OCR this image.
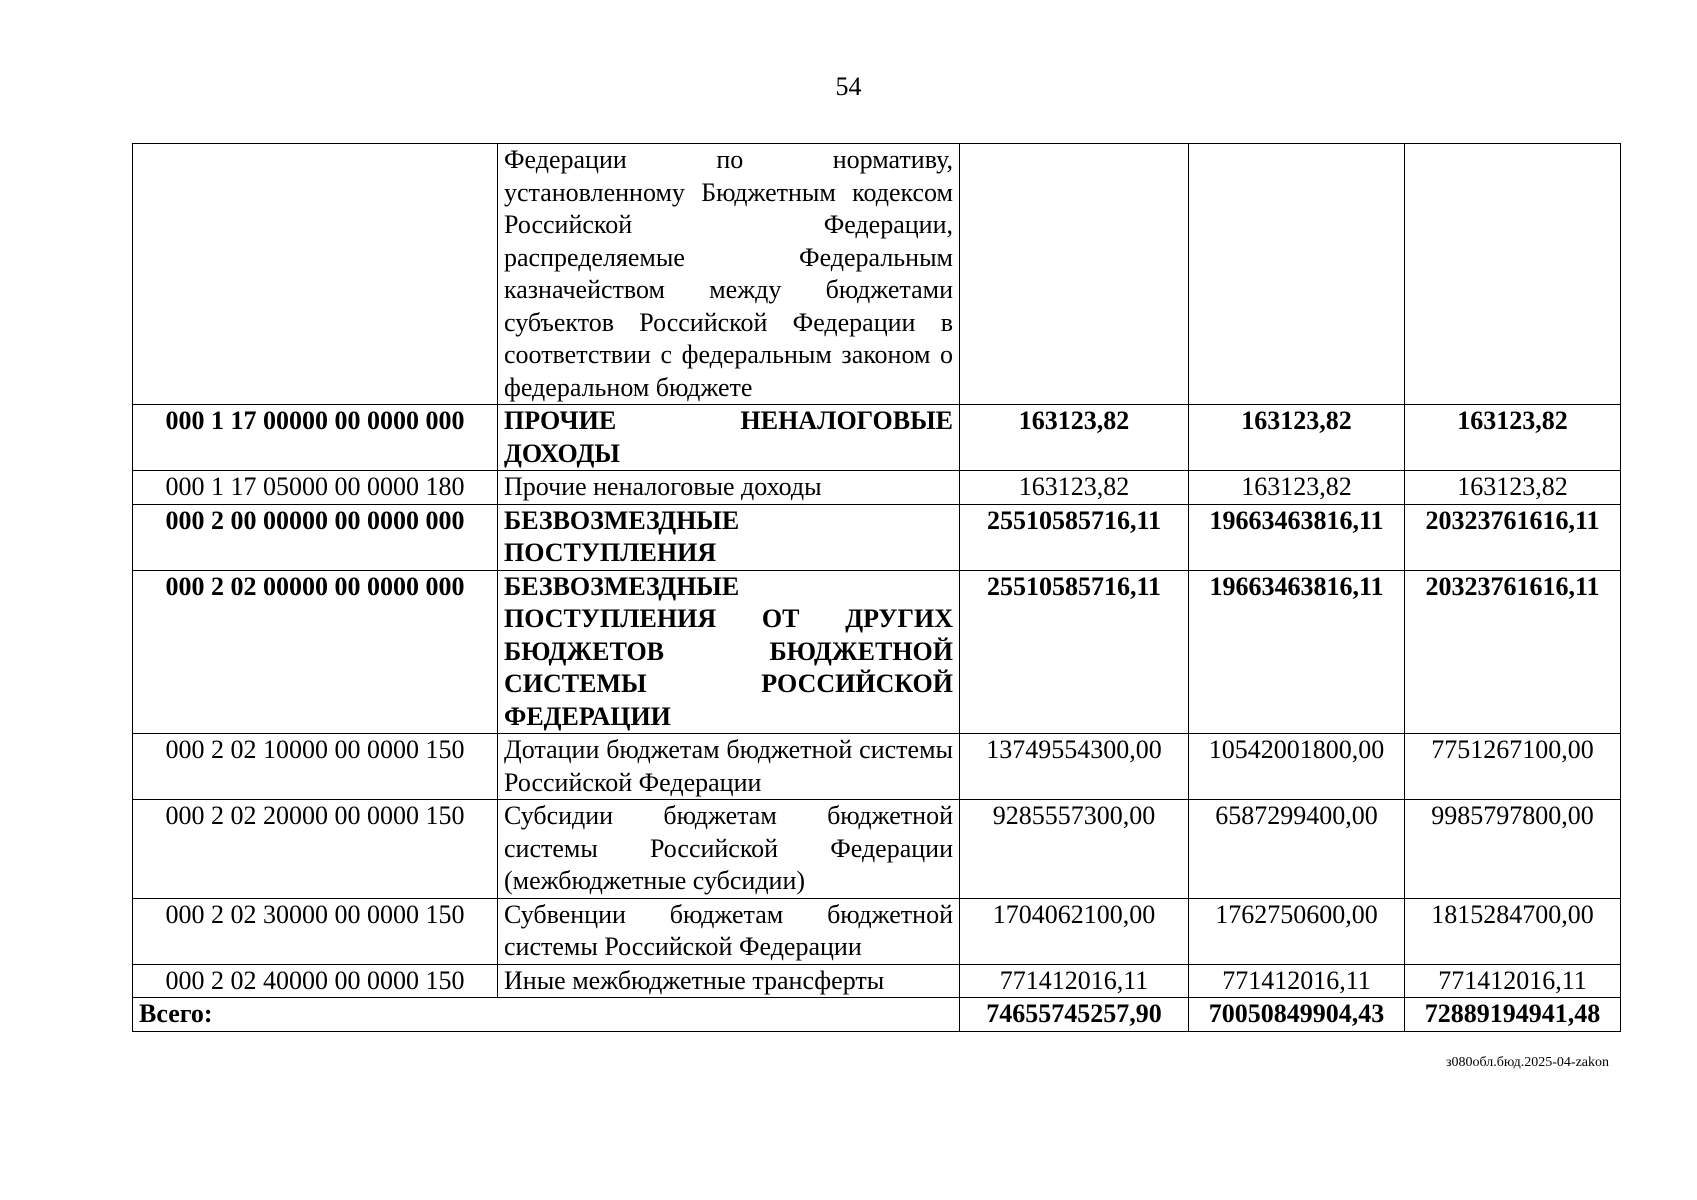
54
	Федерации по нормативу, установленному Бюджетным кодексом Российской Федерации, распределяемые Федеральным казначейством между бюджетами субъектов Российской Федерации в соответствии с федеральным законом о федеральном бюджете			
000 1 17 00000 00 0000 000	ПРОЧИЕ НЕНАЛОГОВЫЕ ДОХОДЫ	163123,82	163123,82	163123,82
000 1 17 05000 00 0000 180	Прочие неналоговые доходы	163123,82	163123,82	163123,82
000 2 00 00000 00 0000 000	БЕЗВОЗМЕЗДНЫЕ ПОСТУПЛЕНИЯ	25510585716,11	19663463816,11	20323761616,11
000 2 02 00000 00 0000 000	БЕЗВОЗМЕЗДНЫЕ ПОСТУПЛЕНИЯ ОТ ДРУГИХ БЮДЖЕТОВ БЮДЖЕТНОЙ СИСТЕМЫ РОССИЙСКОЙ ФЕДЕРАЦИИ	25510585716,11	19663463816,11	20323761616,11
000 2 02 10000 00 0000 150	Дотации бюджетам бюджетной системы Российской Федерации	13749554300,00	10542001800,00	7751267100,00
000 2 02 20000 00 0000 150	Субсидии бюджетам бюджетной системы Российской Федерации (межбюджетные субсидии)	9285557300,00	6587299400,00	9985797800,00
000 2 02 30000 00 0000 150	Субвенции бюджетам бюджетной системы Российской Федерации	1704062100,00	1762750600,00	1815284700,00
000 2 02 40000 00 0000 150	Иные межбюджетные трансферты	771412016,11	771412016,11	771412016,11
Всего:		74655745257,90	70050849904,43	72889194941,48
з080обл.бюд.2025-04-zakon
